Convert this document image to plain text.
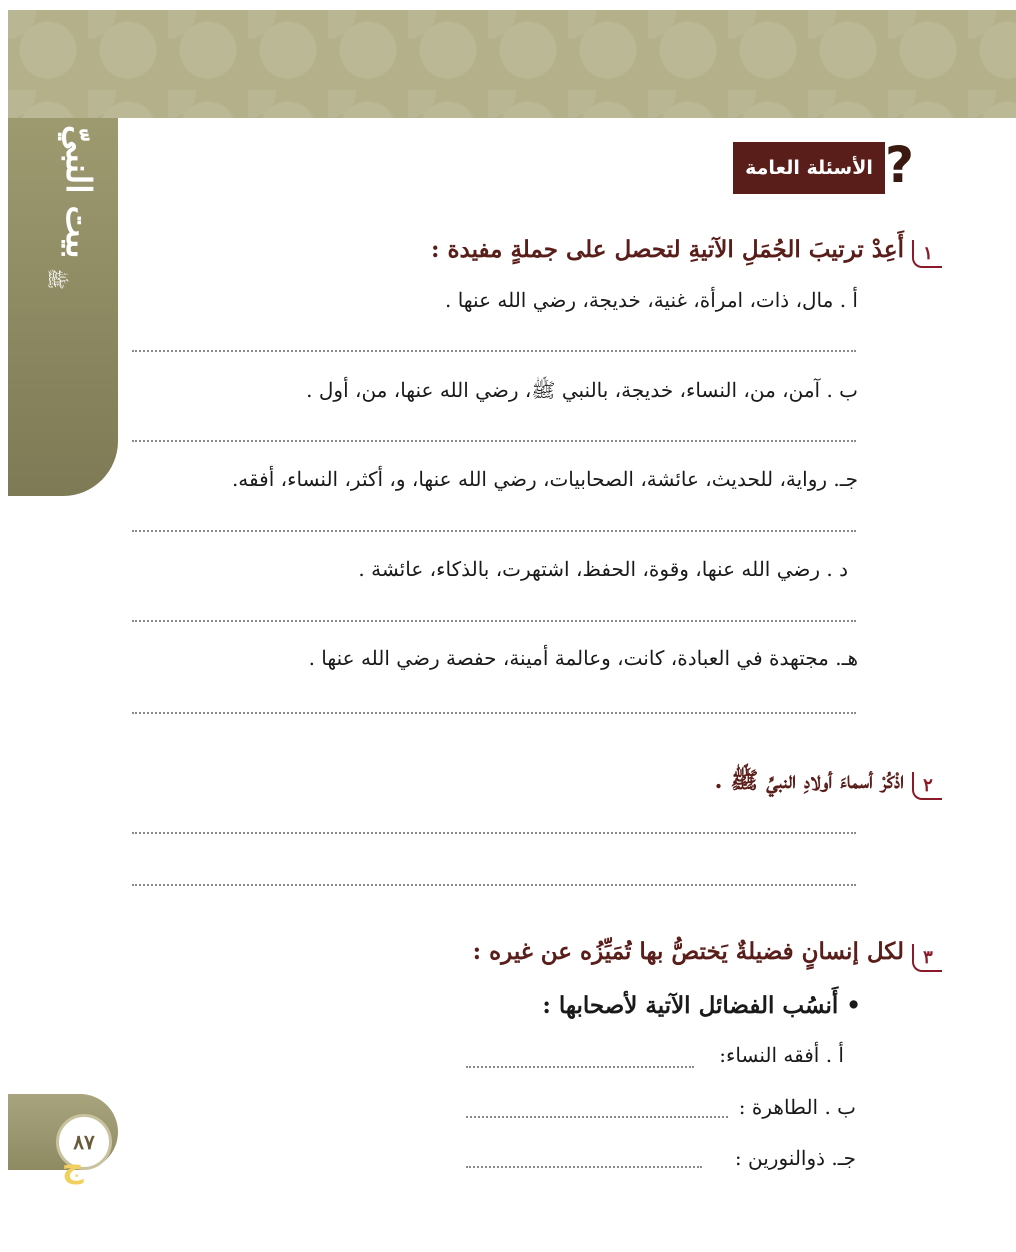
بيت النبيّ
ﷺ
الأسئلة العامة ?
١
أَعِدْ ترتيبَ الجُمَلِ الآتيةِ لتحصل على جملةٍ مفيدة :
أ . مال، ذات، امرأة، غنية، خديجة، رضي الله عنها .
ب . آمن، من، النساء، خديجة، بالنبي ﷺ، رضي الله عنها، من، أول .
جـ. رواية، للحديث، عائشة، الصحابيات، رضي الله عنها، و، أكثر، النساء، أفقه.
د . رضي الله عنها، وقوة، الحفظ، اشتهرت، بالذكاء، عائشة .
هـ. مجتهدة في العبادة، كانت، وعالمة أمينة، حفصة رضي الله عنها .
٢
اذْكُرْ أسماءَ أولادِ النبيِّ ﷺ .
٣
لكل إنسانٍ فضيلةٌ يَختصُّ بها تُمَيِّزُه عن غيره :
• أَنسُب الفضائل الآتية لأصحابها :
أ . أفقه النساء:
ب . الطاهرة :
جـ. ذوالنورين :
٨٧
ج
